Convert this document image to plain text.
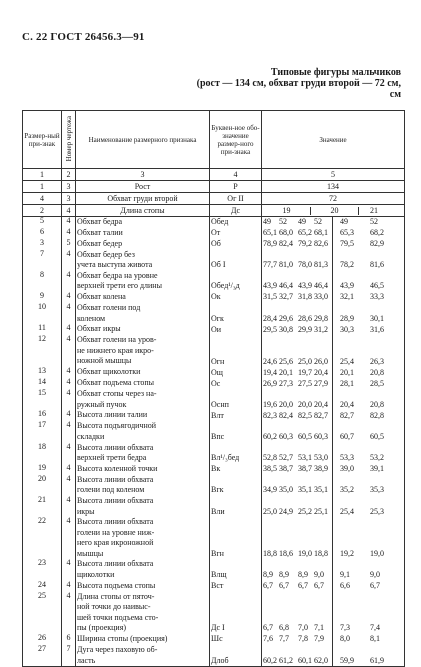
С. 22 ГОСТ 26456.3—91
Типовые фигуры мальчиков
(рост — 134 см, обхват груди второй — 72 см,
см
Размер-ный при-знак	Номер чертежа	Наименование размерного признака	Буквен-ное обо-значение размер-ного при-знака	Значение	
1	2	3	4	5	
1	3	Рост	Р	134	
4	3	Обхват груди второй	Ог II	72	
2	4	Длина стопы	Дс	19 20 21	
5	4	Обхват бедра	Обед	49 52 49 52	49 52
6	4	Обхват талии	От	65,1 68,0 65,2 68,1	65,3 68,2
3	5	Обхват бедер	Об	78,9 82,4 79,2 82,6	79,5 82,9
7	4	Обхват бедер без
учета выступа живота	Об I	77,7 81,0 78,0 81,3	78,2 81,6
8	4	Обхват бедра на уровне
верхней трети его длины	Обед¹/₃д	43,9 46,4 43,9 46,4	43,9 46,5
9	4	Обхват колена	Ок	31,5 32,7 31,8 33,0	32,1 33,3
10	4	Обхват голени под
коленом	Огк	28,4 29,6 28,6 29,8	28,9 30,1
11	4	Обхват икры	Ои	29,5 30,8 29,9 31,2	30,3 31,6
12	4	Обхват голени на уров-
не нижнего края икро-
ножной мышцы	Огн	24,6 25,6 25,0 26,0	25,4 26,3
13	4	Обхват щиколотки	Ощ	19,4 20,1 19,7 20,4	20,1 20,8
14	4	Обхват подъема стопы	Ос	26,9 27,3 27,5 27,9	28,1 28,5
15	4	Обхват стопы через на-
ружный пучок	Оснп	19,6 20,0 20,0 20,4	20,4 20,8
16	4	Высота линии талии	Влт	82,3 82,4 82,5 82,7	82,7 82,8
17	4	Высота подъягодичной
складки	Впс	60,2 60,3 60,5 60,3	60,7 60,5
18	4	Высота линии обхвата
верхней трети бедра	Вл¹/₃бед	52,8 52,7 53,1 53,0	53,3 53,2
19	4	Высота коленной точки	Вк	38,5 38,7 38,7 38,9	39,0 39,1
20	4	Высота линии обхвата
голени под коленом	Вгк	34,9 35,0 35,1 35,1	35,2 35,3
21	4	Высота линии обхвата
икры	Вли	25,0 24,9 25,2 25,1	25,4 25,3
22	4	Высота линии обхвата
голени на уровне ниж-
него края икроножной
мышцы	Вгн	18,8 18,6 19,0 18,8	19,2 19,0
23	4	Высота линии обхвата
щиколотки	Влщ	8,9 8,9 8,9 9,0	9,1 9,0
24	4	Высота подъема стопы	Вст	6,7 6,7 6,7 6,7	6,6 6,7
25	4	Длина стопы от пяточ-
ной точки до наивыс-
шей точки подъема сто-
пы (проекция)	Дс I	6,7 6,8 7,0 7,1	7,3 7,4
26	6	Ширина стопы (проекция)	Шс	7,6 7,7 7,8 7,9	8,0 8,1
27	7	Дуга через паховую об-
ласть	Длоб	60,2 61,2 60,1 62,0	59,9 61,9
